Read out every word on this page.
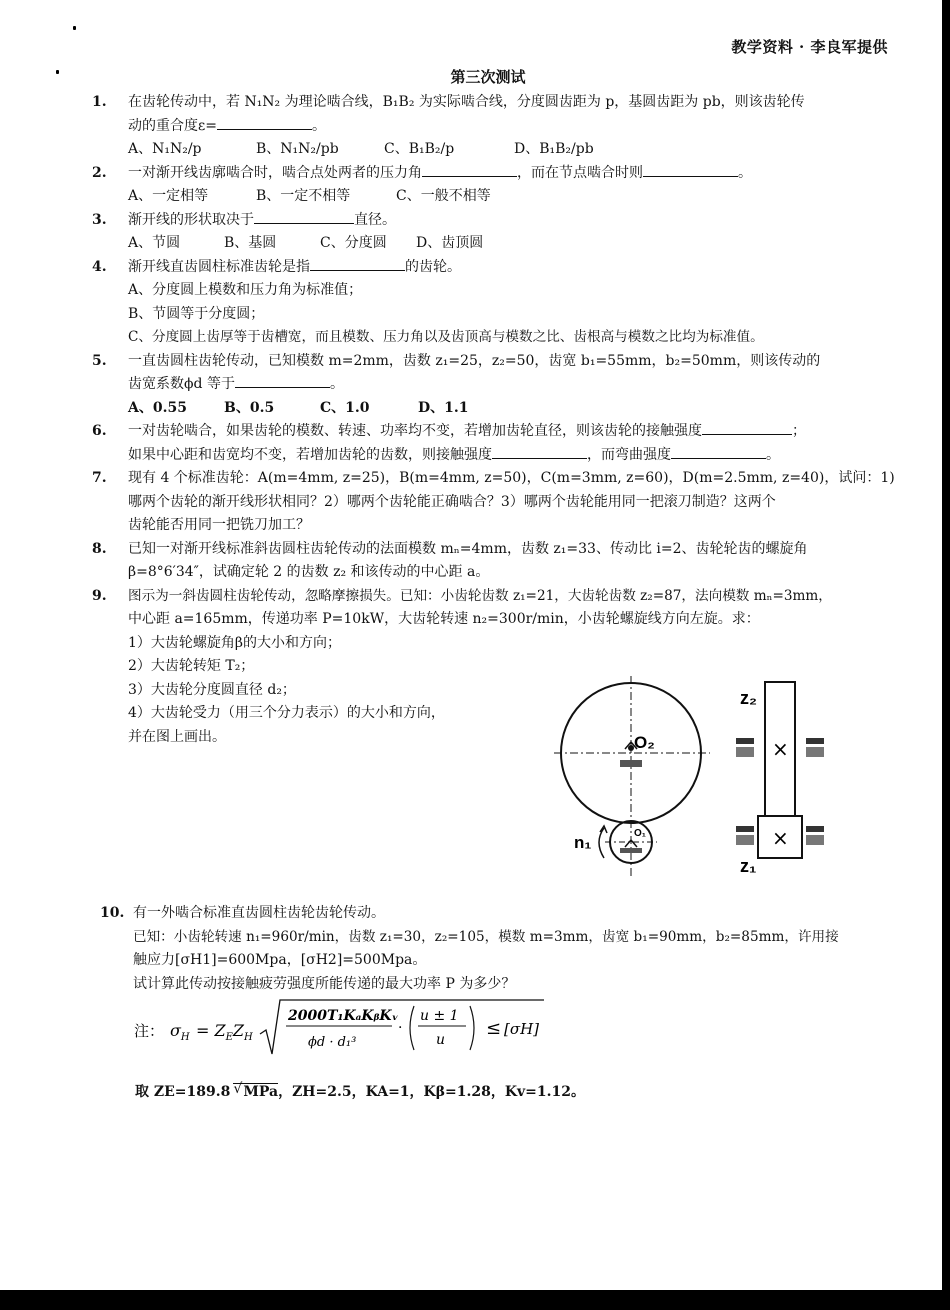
教学资料 · 李良军提供
第三次测试
1. 在齿轮传动中，若 N₁N₂ 为理论啮合线，B₁B₂ 为实际啮合线，分度圆齿距为 p，基圆齿距为 pb，则该齿轮传
动的重合度ε=	。
A、N₁N₂/p	B、N₁N₂/pb	C、B₁B₂/p	D、B₁B₂/pb
2. 一对渐开线齿廓啮合时，啮合点处两者的压力角	，而在节点啮合时则	。
A、一定相等	B、一定不相等	C、一般不相等
3. 渐开线的形状取决于	直径。
A、节圆	B、基圆	C、分度圆 D、齿顶圆
4. 渐开线直齿圆柱标准齿轮是指	的齿轮。
A、分度圆上模数和压力角为标准值；
B、节圆等于分度圆；
C、分度圆上齿厚等于齿槽宽，而且模数、压力角以及齿顶高与模数之比、齿根高与模数之比均为标准值。
5. 一直齿圆柱齿轮传动，已知模数 m=2mm，齿数 z₁=25，z₂=50，齿宽 b₁=55mm，b₂=50mm，则该传动的
齿宽系数ϕd 等于	。
A、0.55	B、0.5	C、1.0	D、1.1
6. 一对齿轮啮合，如果齿轮的模数、转速、功率均不变，若增加齿轮直径，则该齿轮的接触强度	；
如果中心距和齿宽均不变，若增加齿轮的齿数，则接触强度	，而弯曲强度	。
7. 现有 4 个标准齿轮：A(m=4mm, z=25)，B(m=4mm, z=50)，C(m=3mm, z=60)，D(m=2.5mm, z=40)，试问：1)
哪两个齿轮的渐开线形状相同？2）哪两个齿轮能正确啮合？3）哪两个齿轮能用同一把滚刀制造？这两个
齿轮能否用同一把铣刀加工？
8. 已知一对渐开线标准斜齿圆柱齿轮传动的法面模数 mₙ=4mm，齿数 z₁=33、传动比 i=2、齿轮轮齿的螺旋角
β=8°6′34″，试确定轮 2 的齿数 z₂ 和该传动的中心距 a。
9. 图示为一斜齿圆柱齿轮传动，忽略摩擦损失。已知：小齿轮齿数 z₁=21，大齿轮齿数 z₂=87，法向模数 mₙ=3mm，
中心距 a=165mm，传递功率 P=10kW，大齿轮转速 n₂=300r/min，小齿轮螺旋线方向左旋。求：
1）大齿轮螺旋角β的大小和方向；
2）大齿轮转矩 T₂；
3）大齿轮分度圆直径 d₂；
4）大齿轮受力（用三个分力表示）的大小和方向，
并在图上画出。	O₂
O₁
n₁
×
×
z₂
z₁
10. 有一外啮合标准直齿圆柱齿轮齿轮传动。
已知：小齿轮转速 n₁=960r/min，齿数 z₁=30，z₂=105，模数 m=3mm，齿宽 b₁=90mm，b₂=85mm，许用接
触应力[σH1]=600Mpa，[σH2]=500Mpa。
试计算此传动按接触疲劳强度所能传递的最大功率 P 为多少？
注： $\sigma_H = Z_EZ_H$
2000T₁KₐKᵦKᵥ
ϕd · d₁³
·
u ± 1
u
≤ [σH]
取 ZE=189.8 √ MPa，ZH=2.5，KA=1，Kβ=1.28，Kv=1.12。
